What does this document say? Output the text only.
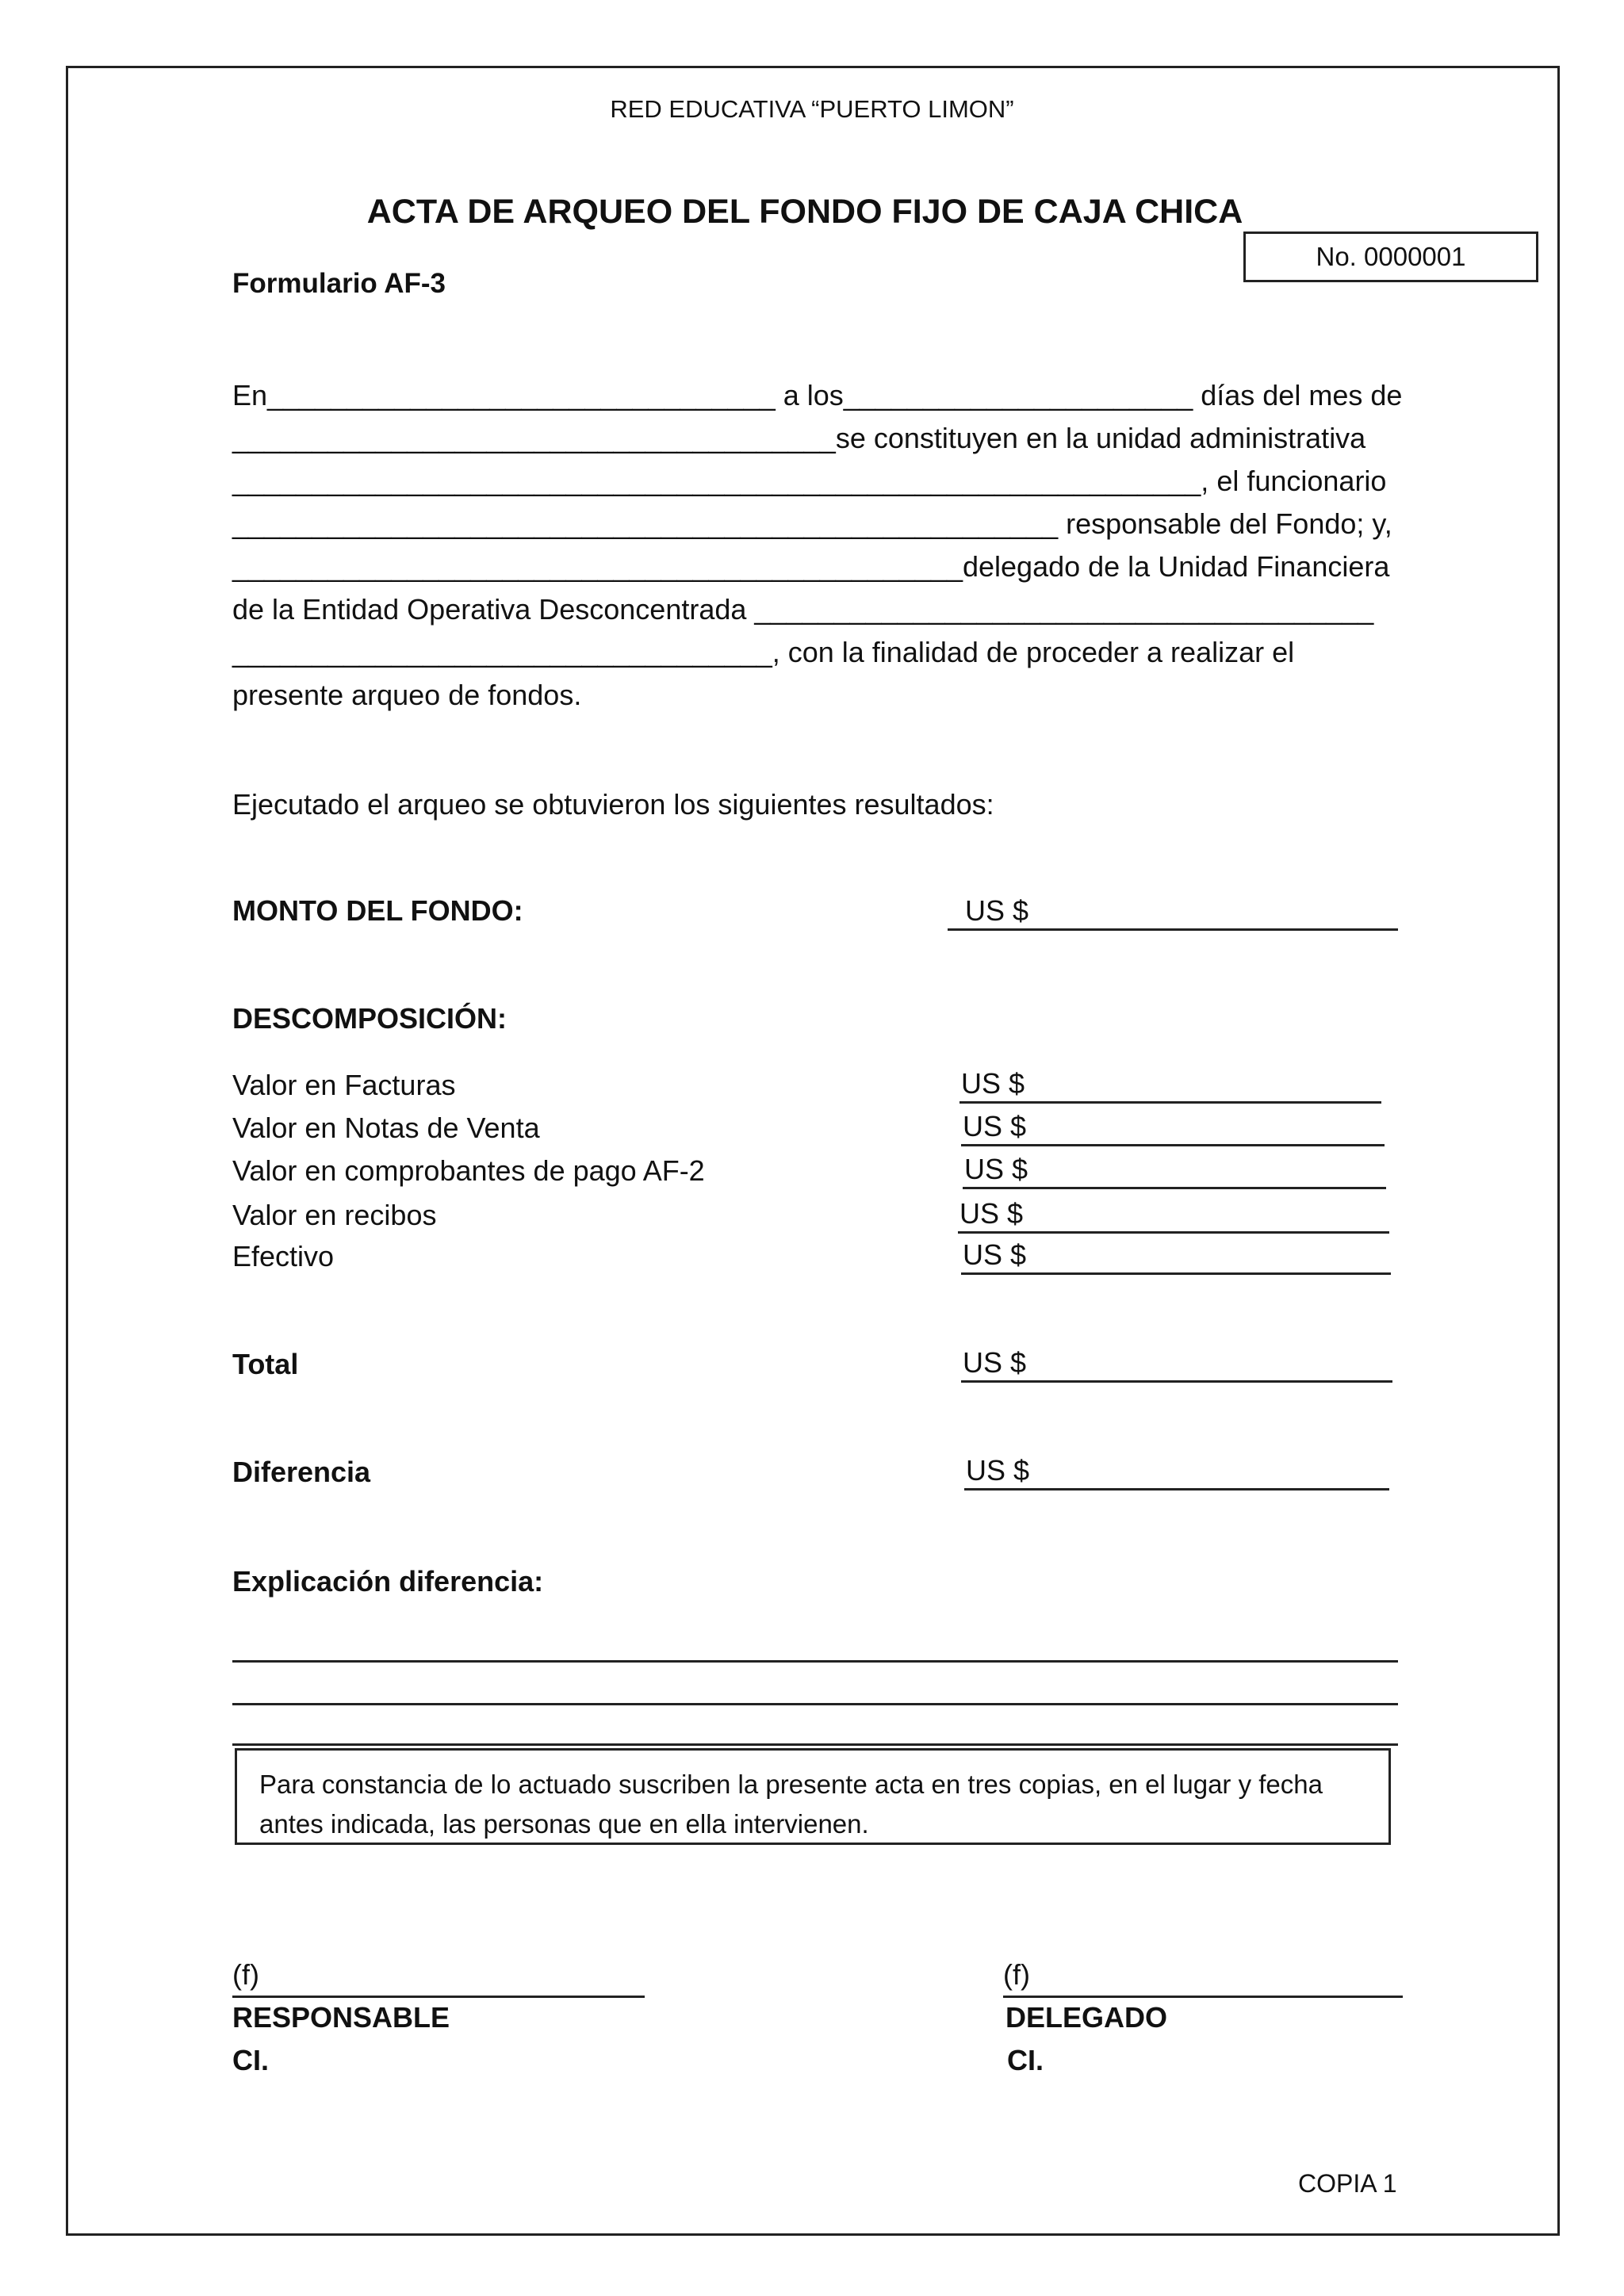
RED EDUCATIVA “PUERTO LIMON”
ACTA DE ARQUEO DEL FONDO FIJO DE CAJA CHICA
No. 0000001
Formulario AF-3
En________________________________ a los______________________ días del mes de
______________________________________se constituyen en la unidad administrativa
_____________________________________________________________, el funcionario
____________________________________________________ responsable del Fondo; y,
______________________________________________delegado de la Unidad Financiera
de la Entidad Operativa Desconcentrada _______________________________________
__________________________________, con la finalidad de proceder a realizar el
presente arqueo de fondos.
Ejecutado el arqueo se obtuvieron los siguientes resultados:
MONTO DEL FONDO:	US $
DESCOMPOSICIÓN:
Valor en Facturas	US $
Valor en Notas de Venta	US $
Valor en comprobantes de pago AF-2	US $
Valor en recibos	US $
Efectivo	US $
Total	US $
Diferencia	US $
Explicación diferencia:
Para constancia de lo actuado suscriben la presente acta en tres copias, en el lugar y fecha antes indicada, las personas que en ella intervienen.
(f)
RESPONSABLE
CI.
(f)
DELEGADO
CI.
COPIA 1
